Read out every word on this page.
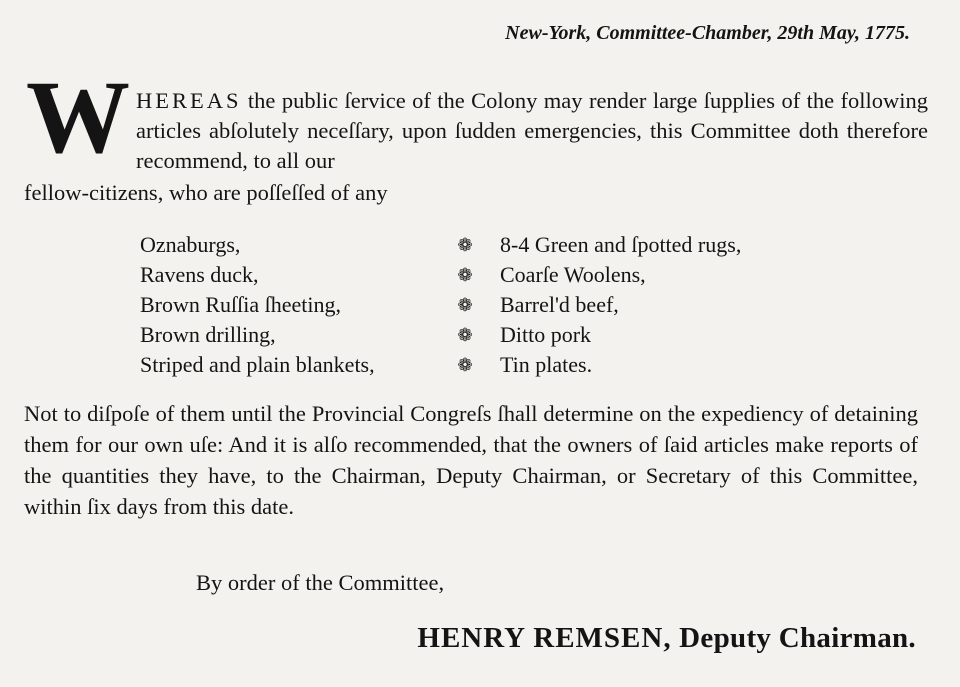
New-York, Committee-Chamber, 29th May, 1775.
W HEREAS the public ſervice of the Colony may render large ſupplies of the following articles abſolutely neceſſary, upon ſudden emergencies, this Committee doth therefore recommend, to all our
fellow-citizens, who are poſſeſſed of any
Oznaburgs,
Ravens duck,
Brown Ruſſia ſheeting,
Brown drilling,
Striped and plain blankets,
❁
❁
❁
❁
❁
8-4 Green and ſpotted rugs,
Coarſe Woolens,
Barrel'd beef,
Ditto pork
Tin plates.
Not to diſpoſe of them until the Provincial Congreſs ſhall determine on the expediency of detaining them for our own uſe: And it is alſo recommended, that the owners of ſaid articles make reports of the quantities they have, to the Chairman, Deputy Chairman, or Secretary of this Committee, within ſix days from this date.
By order of the Committee,
HENRY REMSEN, Deputy Chairman.
